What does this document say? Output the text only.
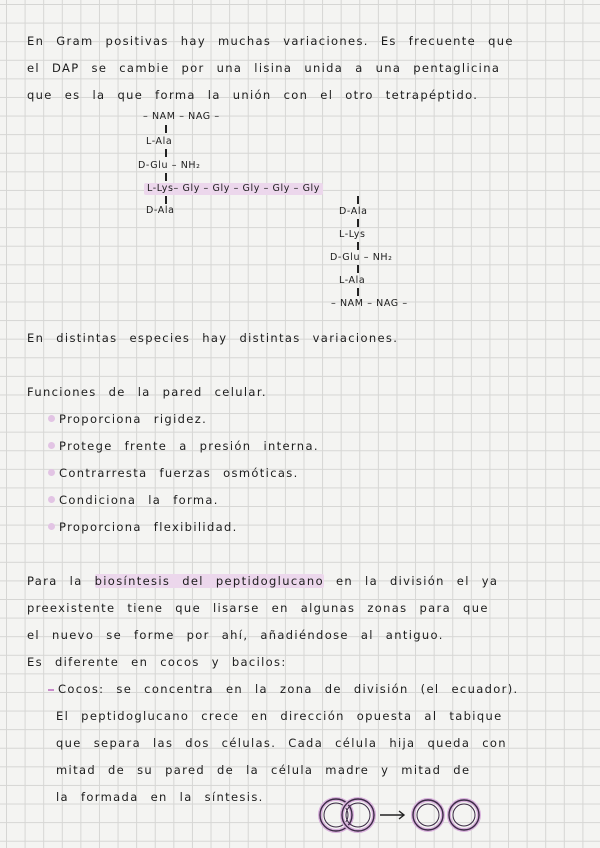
En Gram positivas hay muchas variaciones. Es frecuente que
el DAP se cambie por una lisina unida a una pentaglicina
que es la que forma la unión con el otro tetrapéptido.
– NAM – NAG –
L-Ala
D-Glu – NH₂
L-Lys– Gly – Gly – Gly – Gly – Gly
D-Ala	D-Ala
L-Lys
D-Glu – NH₂
L-Ala
– NAM – NAG –
En distintas especies hay distintas variaciones.
Funciones de la pared celular.
Proporciona rigidez.
Protege frente a presión interna.
Contrarresta fuerzas osmóticas.
Condiciona la forma.
Proporciona flexibilidad.
Para la biosíntesis del peptidoglucano en la división el ya
preexistente tiene que lisarse en algunas zonas para que
el nuevo se forme por ahí, añadiéndose al antiguo.
Es diferente en cocos y bacilos:
Cocos: se concentra en la zona de división (el ecuador).
El peptidoglucano crece en dirección opuesta al tabique
que separa las dos células. Cada célula hija queda con
mitad de su pared de la célula madre y mitad de
la formada en la síntesis.
